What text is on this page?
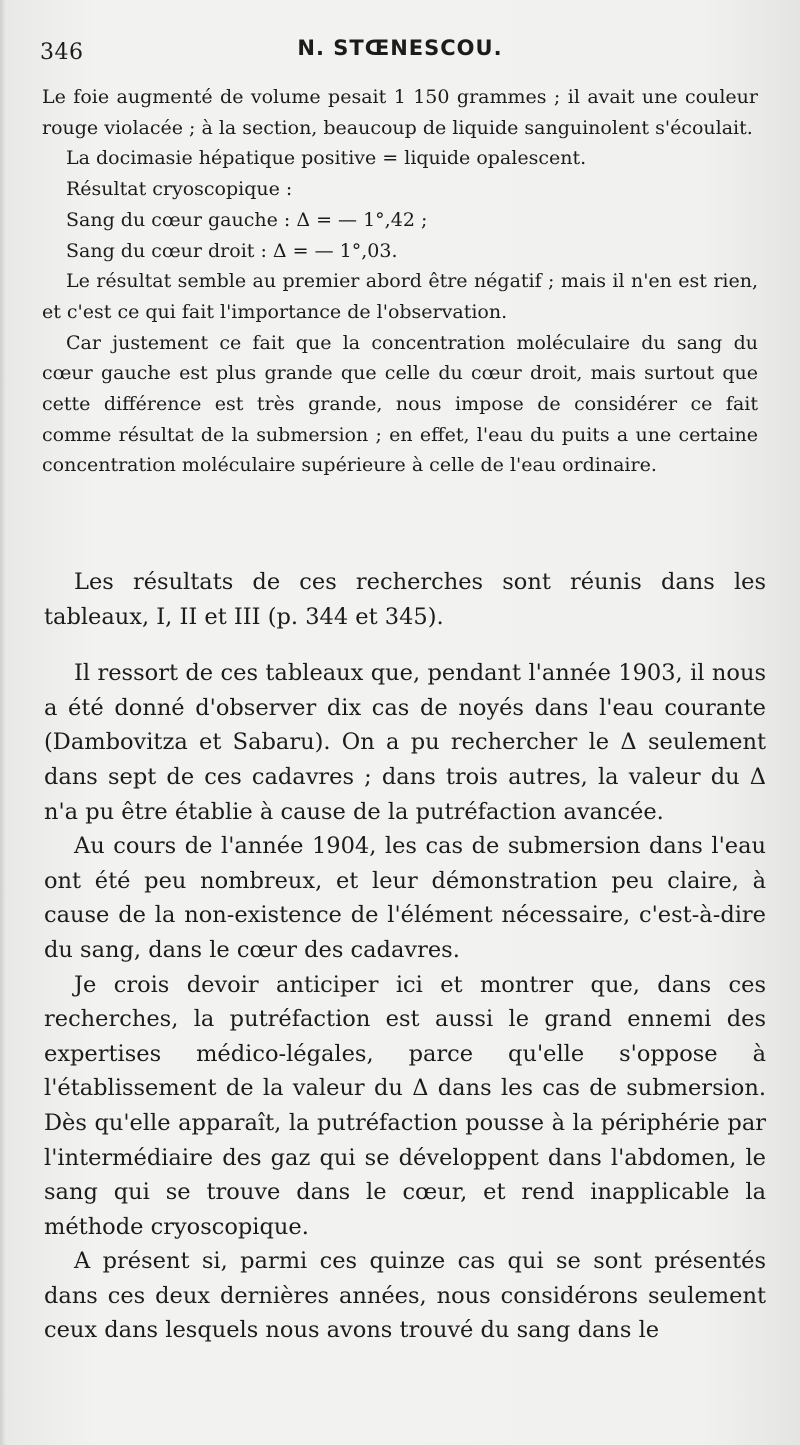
346	N. STŒNESCOU.

Le foie augmenté de volume pesait 1 150 grammes ; il avait une couleur rouge violacée ; à la section, beaucoup de liquide sanguinolent s'écoulait.

La docimasie hépatique positive = liquide opalescent.

Résultat cryoscopique :

Sang du cœur gauche : Δ = — 1°,42 ;

Sang du cœur droit : Δ = — 1°,03.

Le résultat semble au premier abord être négatif ; mais il n'en est rien, et c'est ce qui fait l'importance de l'observation.

Car justement ce fait que la concentration moléculaire du sang du cœur gauche est plus grande que celle du cœur droit, mais surtout que cette différence est très grande, nous impose de considérer ce fait comme résultat de la submersion ; en effet, l'eau du puits a une certaine concentration moléculaire supérieure à celle de l'eau ordinaire.

Les résultats de ces recherches sont réunis dans les tableaux, I, II et III (p. 344 et 345).

Il ressort de ces tableaux que, pendant l'année 1903, il nous a été donné d'observer dix cas de noyés dans l'eau courante (Dambovitza et Sabaru). On a pu rechercher le Δ seulement dans sept de ces cadavres ; dans trois autres, la valeur du Δ n'a pu être établie à cause de la putréfaction avancée.

Au cours de l'année 1904, les cas de submersion dans l'eau ont été peu nombreux, et leur démonstration peu claire, à cause de la non-existence de l'élément nécessaire, c'est-à-dire du sang, dans le cœur des cadavres.

Je crois devoir anticiper ici et montrer que, dans ces recherches, la putréfaction est aussi le grand ennemi des expertises médico-légales, parce qu'elle s'oppose à l'établissement de la valeur du Δ dans les cas de submersion. Dès qu'elle apparaît, la putréfaction pousse à la périphérie par l'intermédiaire des gaz qui se développent dans l'abdomen, le sang qui se trouve dans le cœur, et rend inapplicable la méthode cryoscopique.

A présent si, parmi ces quinze cas qui se sont présentés dans ces deux dernières années, nous considérons seulement ceux dans lesquels nous avons trouvé du sang dans le
